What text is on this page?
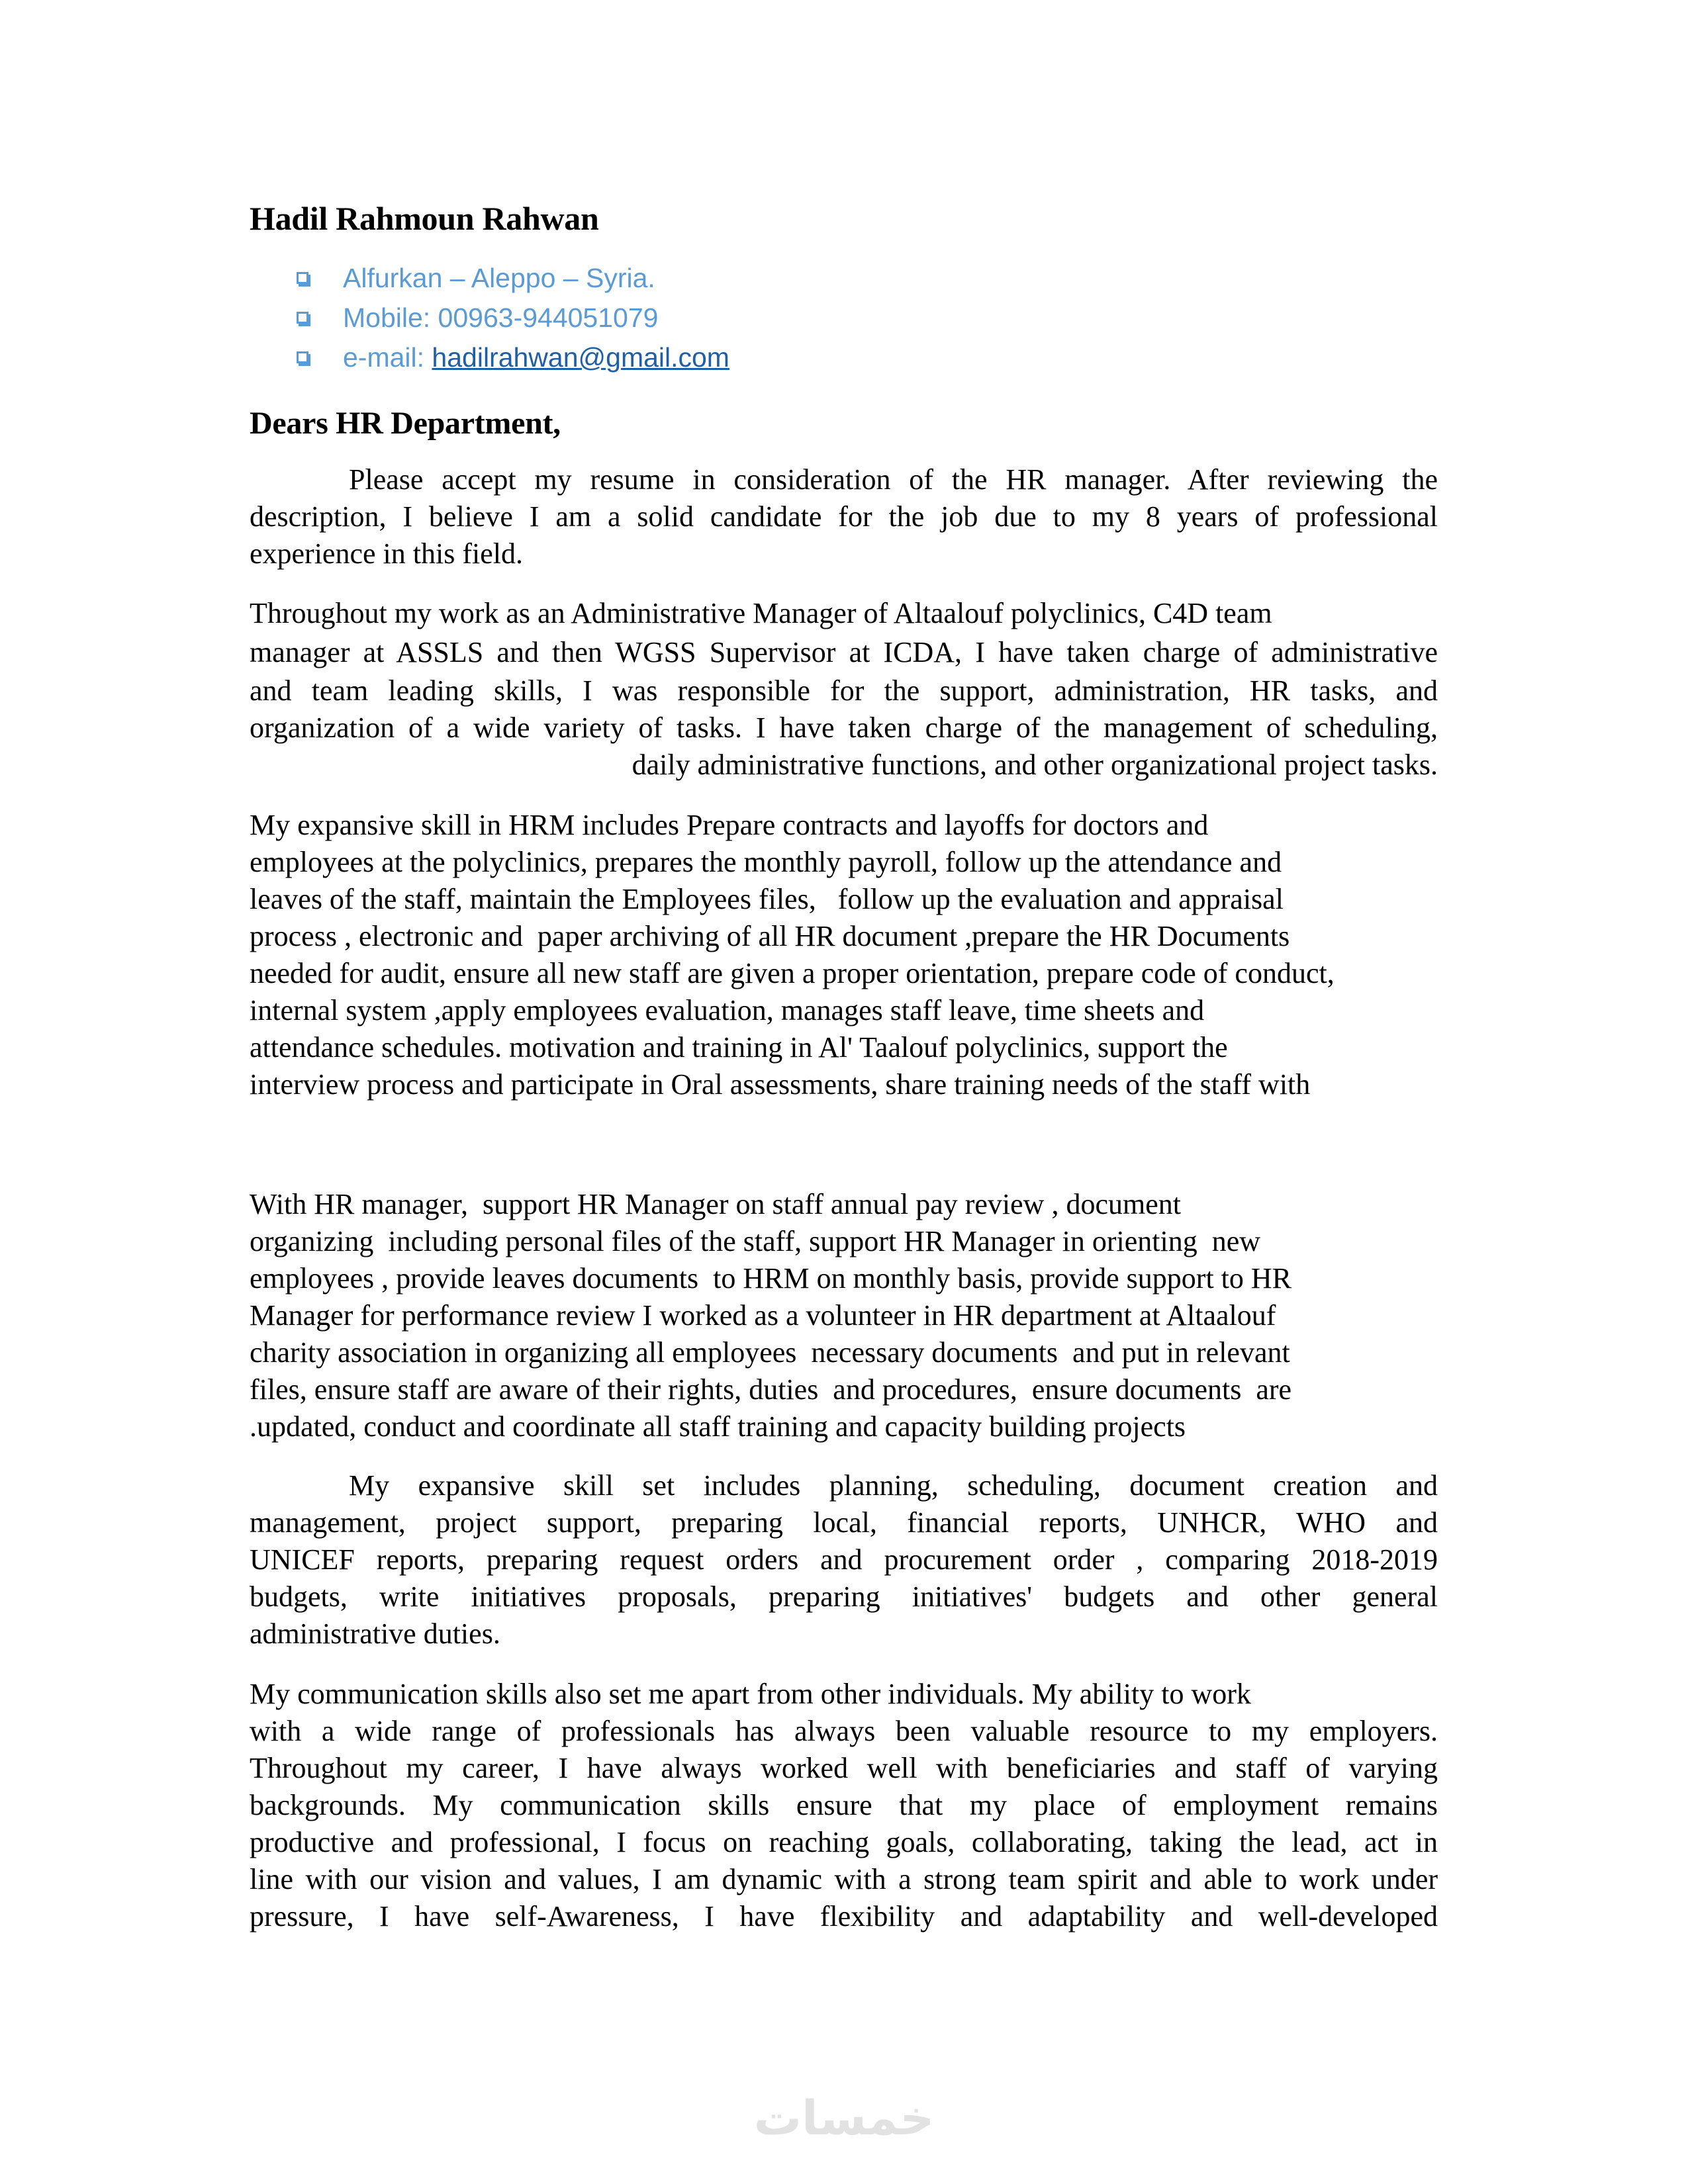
Hadil Rahmoun Rahwan
Alfurkan – Aleppo – Syria.
Mobile: 00963-944051079
e-mail: hadilrahwan@gmail.com
Dears HR Department,
Please accept my resume in consideration of the HR manager. After reviewing the
description, I believe I am a solid candidate for the job due to my 8 years of professional
experience in this field.
Throughout my work as an Administrative Manager of Altaalouf polyclinics, C4D team
manager at ASSLS and then WGSS Supervisor at ICDA, I have taken charge of administrative
and team leading skills, I was responsible for the support, administration, HR tasks, and
organization of a wide variety of tasks. I have taken charge of the management of scheduling,
daily administrative functions, and other organizational project tasks.
My expansive skill in HRM includes Prepare contracts and layoffs for doctors and
employees at the polyclinics, prepares the monthly payroll, follow up the attendance and
leaves of the staff, maintain the Employees files,   follow up the evaluation and appraisal
process , electronic and  paper archiving of all HR document ,prepare the HR Documents
needed for audit, ensure all new staff are given a proper orientation, prepare code of conduct,
internal system ,apply employees evaluation, manages staff leave, time sheets and
attendance schedules. motivation and training in Al' Taalouf polyclinics, support the
interview process and participate in Oral assessments, share training needs of the staff with
With HR manager,  support HR Manager on staff annual pay review , document
organizing  including personal files of the staff, support HR Manager in orienting  new
employees , provide leaves documents  to HRM on monthly basis, provide support to HR
Manager for performance review I worked as a volunteer in HR department at Altaalouf
charity association in organizing all employees  necessary documents  and put in relevant
files, ensure staff are aware of their rights, duties  and procedures,  ensure documents  are
.updated, conduct and coordinate all staff training and capacity building projects
My expansive skill set includes planning, scheduling, document creation and
management, project support, preparing local, financial reports, UNHCR, WHO and
UNICEF reports, preparing request orders and procurement order , comparing 2018-2019
budgets, write initiatives proposals, preparing initiatives' budgets and other general
administrative duties.
My communication skills also set me apart from other individuals. My ability to work
with a wide range of professionals has always been valuable resource to my employers.
Throughout my career, I have always worked well with beneficiaries and staff of varying
backgrounds. My communication skills ensure that my place of employment remains
productive and professional, I focus on reaching goals, collaborating, taking the lead, act in
line with our vision and values, I am dynamic with a strong team spirit and able to work under
pressure, I have self-Awareness, I have flexibility and adaptability and well-developed
خمسات
